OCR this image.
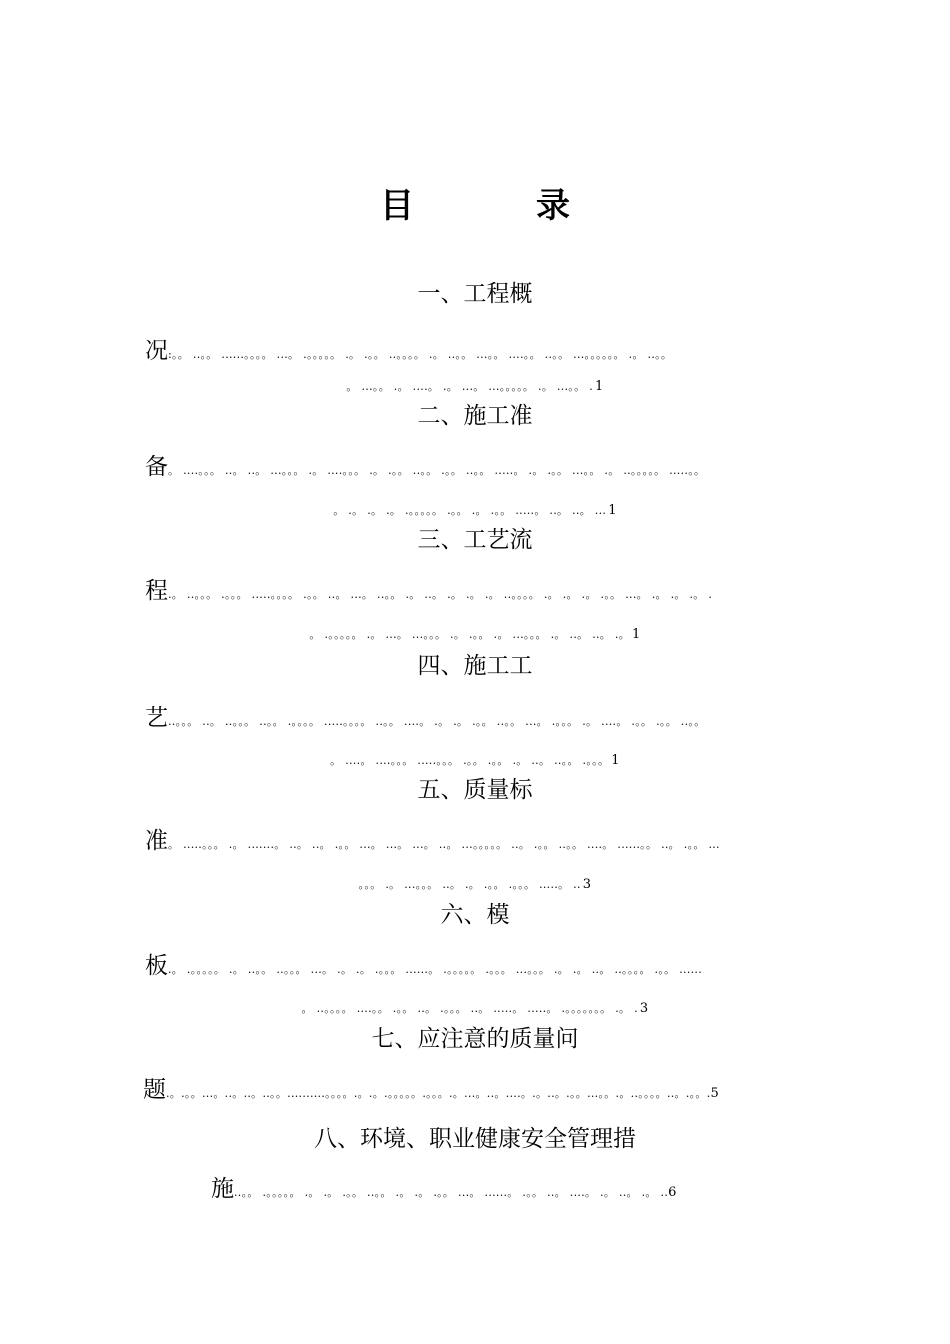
目　录
一、工程概
况:。。 ..。。 ......。。。。 ...。 .。。。。。 .。 .。。 ..。。。。 .。 ..。。 ...。。 ....。。 ..。。 ...。。。。。。 .。 ..。。
。 ...。。 .。 ....。 .。 ...。 ...。。。。。 .。 ...。。 . 1
二、施工准
备。 ....。。。 ..。 ..。 ...。。。 .。 ....。。。 .。 .。。 ..。。 .。。 ..。。 .....。 .。 .。。 ...。。 .。 ..。。。。。 .....。。
。 .。 .。 .。 .。。。。。 .。。 .。 .。。 .....。 ..。 ..。 ... 1
三、工艺流
程.。 ..。。。 .。。。 .....。。。。 .。。 ..。 ...。 ..。。 .。 ..。 .。 .。 .。 ..。。。。 .。 .。 .。 .。。 ...。 .。 .。 .。 .
。 .。。。。。 .。 ...。 ...。。。 .。 .。。 .。 ...。。。 .。 ..。 ..。 .。 1
四、施工工
艺..。。。 ..。 ..。。。 ..。。 .。。。。 .....。。。。 ..。。 ....。 .。 .。 .。。 ..。。 ...。 .。。。 .。 ....。 .。。 .。。 ..。。
。 ....。 ....。。。 .....。。。 .。。 .。。 .。 ..。 ..。。 .。。。 1
五、质量标
准。 .....。。。 .。 .......。 ..。 ..。 .。。 ...。 ...。 ...。 ..。 ...。。。。。 ..。 .。。 ..。。 ....。 ......。。 ..。 .。。 ...
。。。 .。 ...。。。 ..。 .。 .。。 .。。。 .....。 .. 3
六、模
板.。 .。。。。。 .。 ..。。 ..。。。 ...。 .。 .。 .。。。 ......。 .。。。。。 .。。。 ...。。。 .。 .。 ..。 ..。。。。 .。。 ......
。 ..。。。。 ....。。 .。。 ..。 .。。。 ..。 .....。 .....。 .。。。。。。。 .。 . 3
七、应注意的质量问
题.。.。。...。..。..。..。。..........。。。。.。.。.。。。。。.。。。.。...。..。....。.。..。.。。...。。.。..。。。。..。.。。.5
八、环境、职业健康安全管理措
施..。。 .。。。。。 .。 .。 .。。 ..。。 .。 .。 .。。 ...。 ......。 .。。 ..。 ....。 .。 ..。 .。 ..6
